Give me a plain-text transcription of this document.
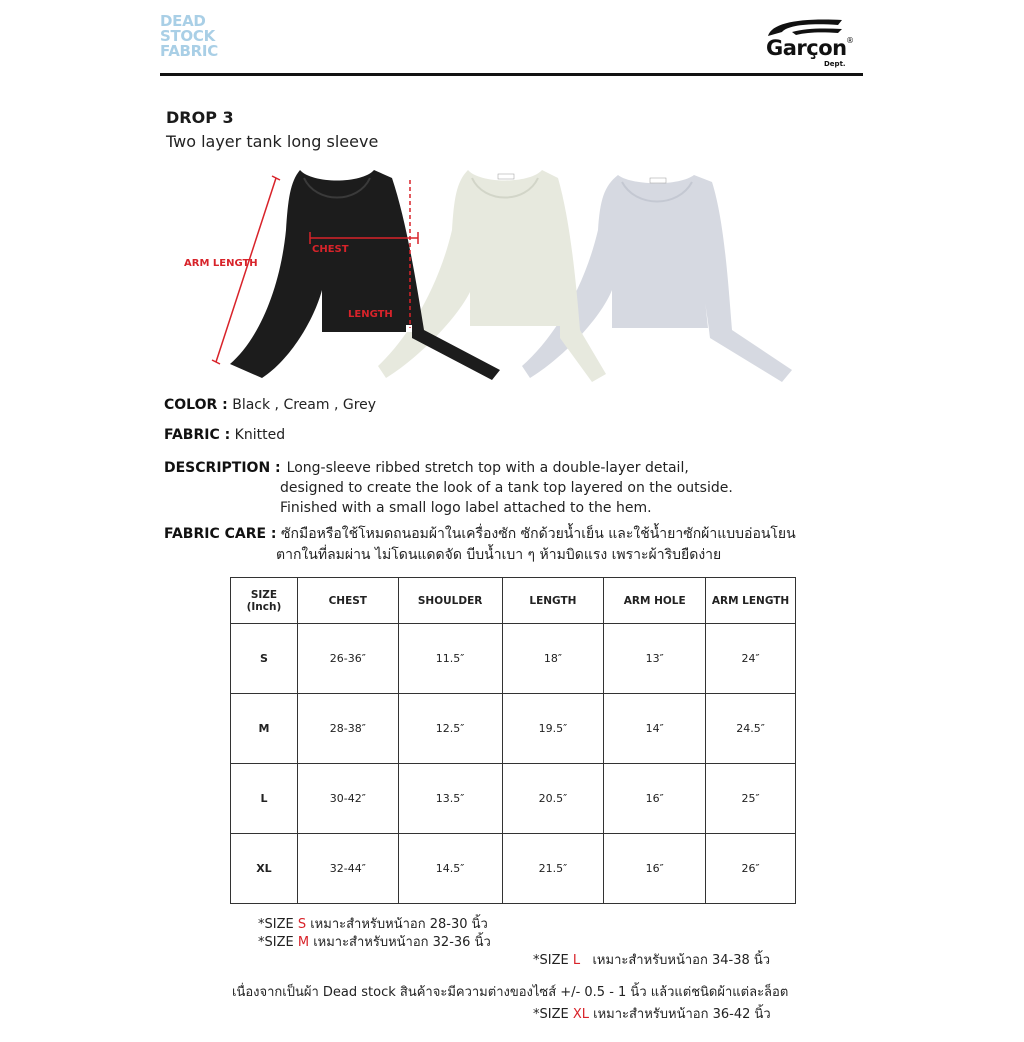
DEAD
STOCK
FABRIC	Garçon ®
Dept.
DROP 3
Two layer tank long sleeve
ARM LENGTH
CHEST
LENGTH
COLOR : Black , Cream , Grey
FABRIC : Knitted
DESCRIPTION : Long-sleeve ribbed stretch top with a double-layer detail,
designed to create the look of a tank top layered on the outside.
Finished with a small logo label attached to the hem.
FABRIC CARE : ซักมือหรือใช้โหมดถนอมผ้าในเครื่องซัก ซักด้วยน้ำเย็น และใช้น้ำยาซักผ้าแบบอ่อนโยน
ตากในที่ลมผ่าน ไม่โดนแดดจัด บีบน้ำเบา ๆ ห้ามบิดแรง เพราะผ้าริบยืดง่าย
SIZE (Inch)	CHEST	SHOULDER	LENGTH	ARM HOLE	ARM LENGTH
S	26-36″	11.5″	18″	13″	24″
M	28-38″	12.5″	19.5″	14″	24.5″
L	30-42″	13.5″	20.5″	16″	25″
XL	32-44″	14.5″	21.5″	16″	26″
*SIZE S เหมาะสำหรับหน้าอก 28-30 นิ้ว
*SIZE M เหมาะสำหรับหน้าอก 32-36 นิ้ว

*SIZE L   เหมาะสำหรับหน้าอก 34-38 นิ้ว

*SIZE XL เหมาะสำหรับหน้าอก 36-42 นิ้ว

เนื่องจากเป็นผ้า Dead stock สินค้าจะมีความต่างของไซส์ +/- 0.5 - 1 นิ้ว แล้วแต่ชนิดผ้าแต่ละล็อต
